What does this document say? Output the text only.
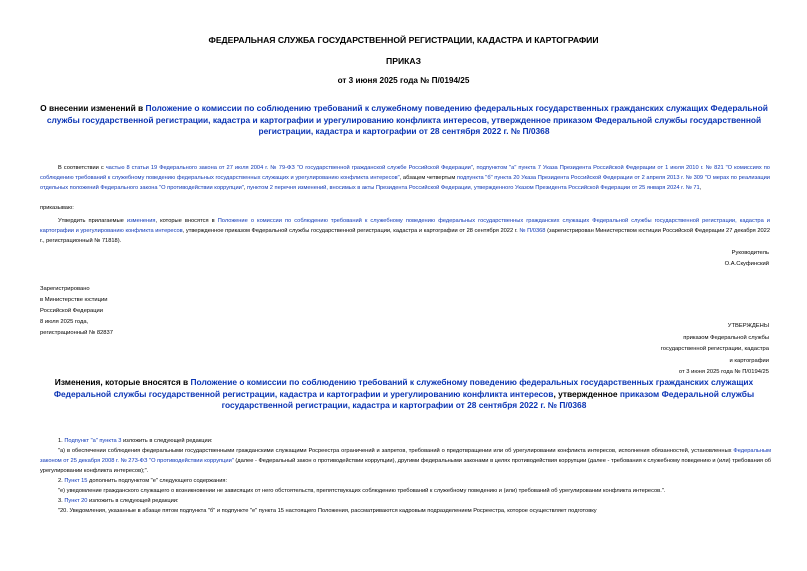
ФЕДЕРАЛЬНАЯ СЛУЖБА ГОСУДАРСТВЕННОЙ РЕГИСТРАЦИИ, КАДАСТРА И КАРТОГРАФИИ
ПРИКАЗ
от 3 июня 2025 года № П/0194/25
О внесении изменений в Положение о комиссии по соблюдению требований к служебному поведению федеральных государственных гражданских служащих Федеральной службы государственной регистрации, кадастра и картографии и урегулированию конфликта интересов, утвержденное приказом Федеральной службы государственной регистрации, кадастра и картографии от 28 сентября 2022 г. № П/0368
В соответствии с частью 8 статьи 19 Федерального закона от 27 июля 2004 г. № 79-ФЗ "О государственной гражданской службе Российской Федерации", подпунктом "а" пункта 7 Указа Президента Российской Федерации от 1 июля 2010 г. № 821 "О комиссиях по соблюдению требований к служебному поведению федеральных государственных служащих и урегулированию конфликта интересов", абзацем четвертым подпункта "б" пункта 20 Указа Президента Российской Федерации от 2 апреля 2013 г. № 309 "О мерах по реализации отдельных положений Федерального закона "О противодействии коррупции", пунктом 2 перечня изменений, вносимых в акты Президента Российской Федерации, утвержденного Указом Президента Российской Федерации от 25 января 2024 г. № 71,
приказываю:
Утвердить прилагаемые изменения, которые вносятся в Положение о комиссии по соблюдению требований к служебному поведению федеральных государственных гражданских служащих Федеральной службы государственной регистрации, кадастра и картографии и урегулированию конфликта интересов, утвержденное приказом Федеральной службы государственной регистрации, кадастра и картографии от 28 сентября 2022 г. № П/0368 (зарегистрирован Министерством юстиции Российской Федерации 27 декабря 2022 г., регистрационный № 71818).
Руководитель
О.А.Скуфинский
Зарегистрировано
в Министерстве юстиции
Российской Федерации
8 июля 2025 года,
регистрационный № 82837
УТВЕРЖДЕНЫ
приказом Федеральной службы
государственной регистрации, кадастра
и картографии
от 3 июня 2025 года № П/0194/25
Изменения, которые вносятся в Положение о комиссии по соблюдению требований к служебному поведению федеральных государственных гражданских служащих Федеральной службы государственной регистрации, кадастра и картографии и урегулированию конфликта интересов, утвержденное приказом Федеральной службы государственной регистрации, кадастра и картографии от 28 сентября 2022 г. № П/0368

1. Подпункт "а" пункта 3 изложить в следующей редакции:

"а) в обеспечении соблюдения федеральными государственными гражданскими служащими Росреестра ограничений и запретов, требований о предотвращении или об урегулировании конфликта интересов, исполнения обязанностей, установленных Федеральным законом от 25 декабря 2008 г. № 273-ФЗ "О противодействии коррупции" (далее - Федеральный закон о противодействии коррупции), другими федеральными законами в целях противодействия коррупции (далее - требования к служебному поведению и (или) требования об урегулировании конфликта интересов);".

2. Пункт 15 дополнить подпунктом "е" следующего содержания:

"е) уведомление гражданского служащего о возникновении не зависящих от него обстоятельств, препятствующих соблюдению требований к служебному поведению и (или) требований об урегулировании конфликта интересов.".

3. Пункт 20 изложить в следующей редакции:

"20. Уведомления, указанные в абзаце пятом подпункта "б" и подпункте "е" пункта 15 настоящего Положения, рассматриваются кадровым подразделением Росреестра, которое осуществляет подготовку
